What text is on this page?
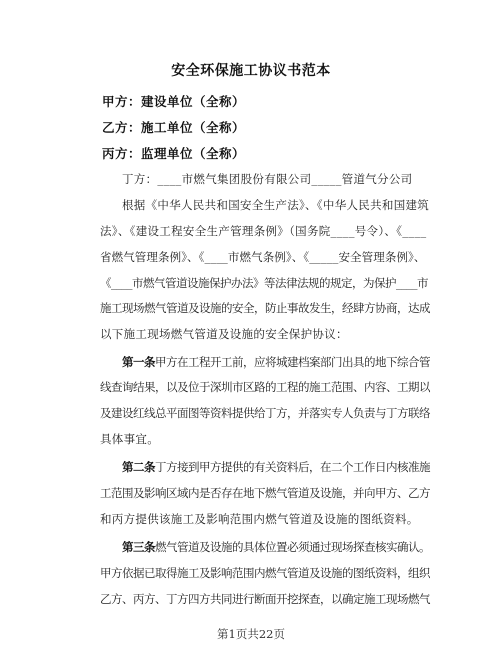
安全环保施工协议书范本
甲方：建设单位（全称）
乙方：施工单位（全称）
丙方：监理单位（全称）
丁方：____市燃气集团股份有限公司_____管道气分公司
根据《中华人民共和国安全生产法》、《中华人民共和国建筑
法》、《建设工程安全生产管理条例》（国务院____号令）、《____
省燃气管理条例》、《____市燃气条例》、《_____安全管理条例》、
《____市燃气管道设施保护办法》等法律法规的规定，为保护____市
施工现场燃气管道及设施的安全，防止事故发生，经肆方协商，达成
以下施工现场燃气管道及设施的安全保护协议：
第一条甲方在工程开工前，应将城建档案部门出具的地下综合管
线查询结果，以及位于深圳市区路的工程的施工范围、内容、工期以
及建设红线总平面图等资料提供给丁方，并落实专人负责与丁方联络
具体事宜。
第二条丁方接到甲方提供的有关资料后，在二个工作日内核准施
工范围及影响区域内是否存在地下燃气管道及设施，并向甲方、乙方
和丙方提供该施工及影响范围内燃气管道及设施的图纸资料。
第三条燃气管道及设施的具体位置必须通过现场探查核实确认。
甲方依据已取得施工及影响范围内燃气管道及设施的图纸资料，组织
乙方、丙方、丁方四方共同进行断面开挖探查，以确定施工现场燃气
第1页共22页
